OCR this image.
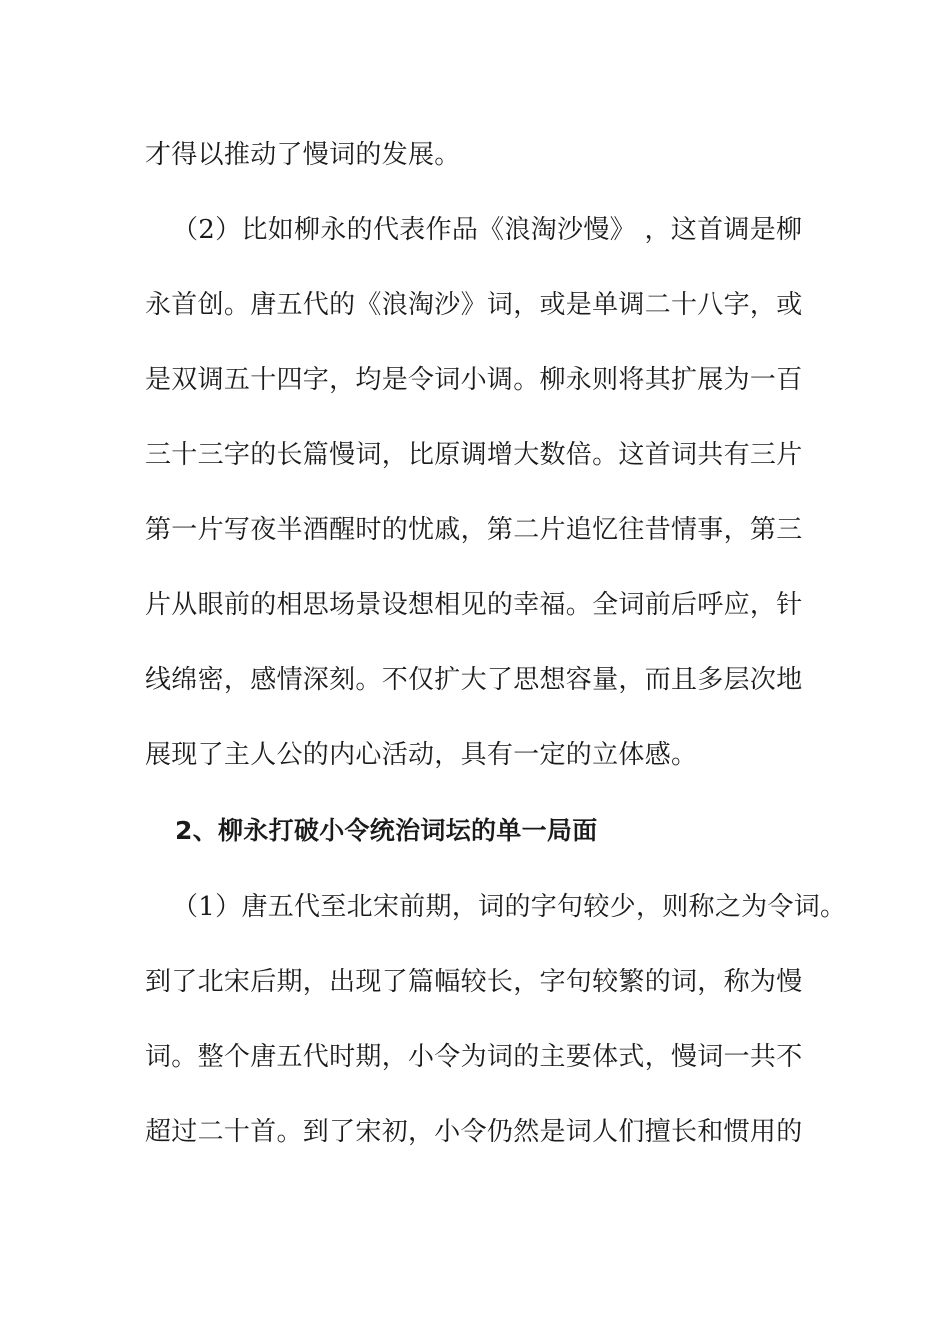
才得以推动了慢词的发展。
（2）比如柳永的代表作品《浪淘沙慢》 ，这首调是柳
永首创。唐五代的《浪淘沙》词，或是单调二十八字，或
是双调五十四字，均是令词小调。柳永则将其扩展为一百
三十三字的长篇慢词，比原调增大数倍。这首词共有三片
第一片写夜半酒醒时的忧戚，第二片追忆往昔情事，第三
片从眼前的相思场景设想相见的幸福。全词前后呼应，针
线绵密，感情深刻。不仅扩大了思想容量，而且多层次地
展现了主人公的内心活动，具有一定的立体感。
2、柳永打破小令统治词坛的单一局面
（1）唐五代至北宋前期，词的字句较少，则称之为令词。
到了北宋后期，出现了篇幅较长，字句较繁的词，称为慢
词。整个唐五代时期，小令为词的主要体式，慢词一共不
超过二十首。到了宋初，小令仍然是词人们擅长和惯用的
